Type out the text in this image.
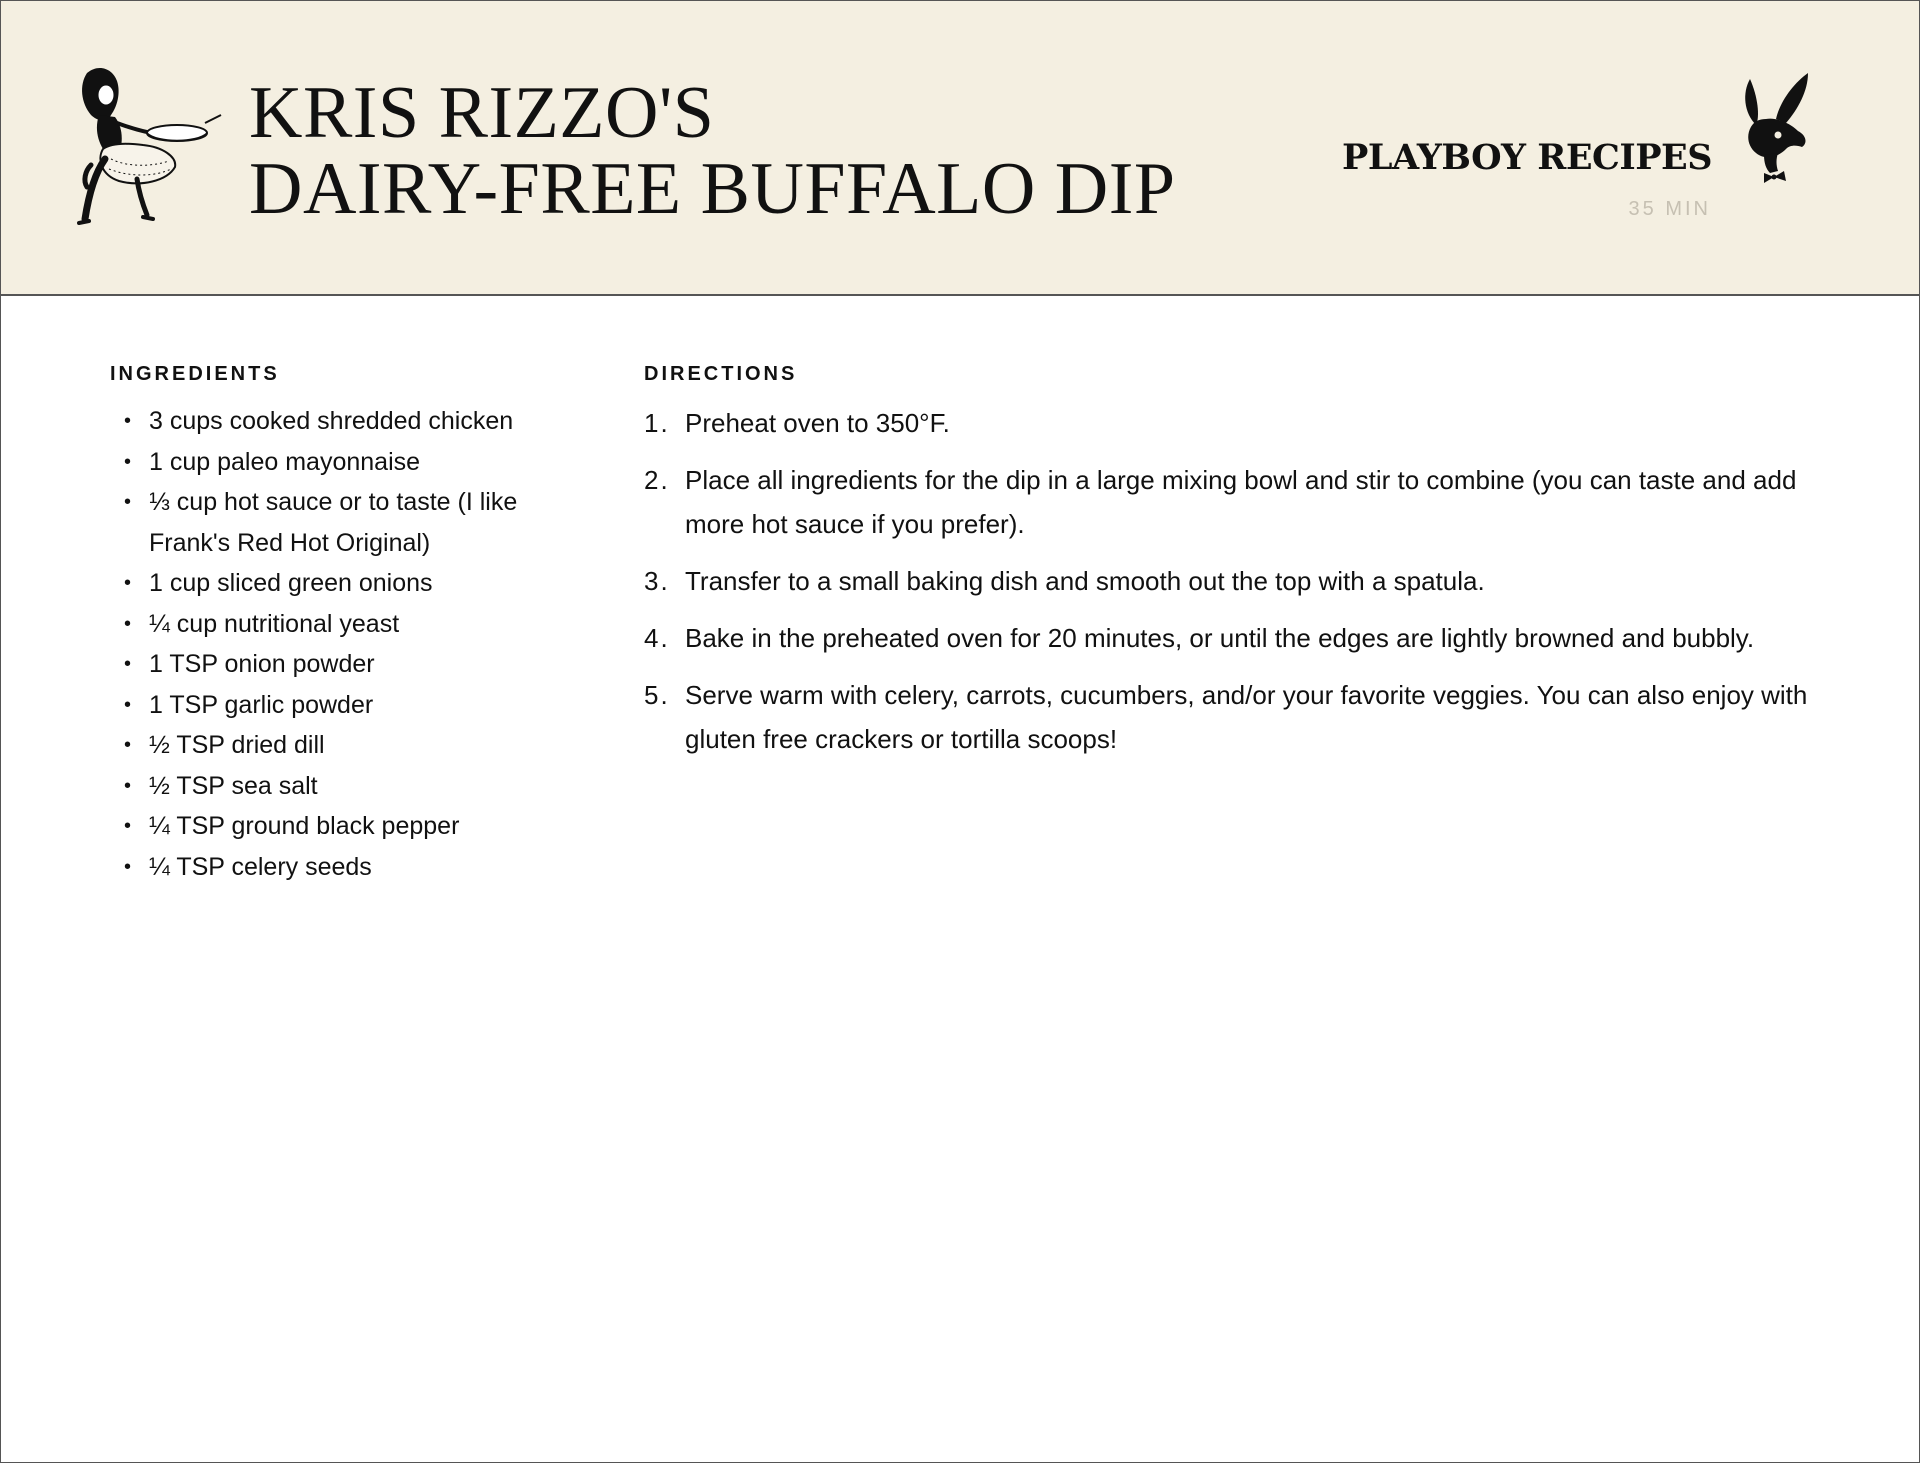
KRIS RIZZO'S
DAIRY-FREE BUFFALO DIP	PLAYBOY RECIPES
35 MIN
INGREDIENTS
• 3 cups cooked shredded chicken
• 1 cup paleo mayonnaise
• ⅓ cup hot sauce or to taste (I like Frank's Red Hot Original)
• 1 cup sliced green onions
• ¼ cup nutritional yeast
• 1 TSP onion powder
• 1 TSP garlic powder
• ½ TSP dried dill
• ½ TSP sea salt
• ¼ TSP ground black pepper
• ¼ TSP celery seeds
DIRECTIONS
1. Preheat oven to 350°F.
2. Place all ingredients for the dip in a large mixing bowl and stir to combine (you can taste and add more hot sauce if you prefer).
3. Transfer to a small baking dish and smooth out the top with a spatula.
4. Bake in the preheated oven for 20 minutes, or until the edges are lightly browned and bubbly.
5. Serve warm with celery, carrots, cucumbers, and/or your favorite veggies. You can also enjoy with gluten free crackers or tortilla scoops!
